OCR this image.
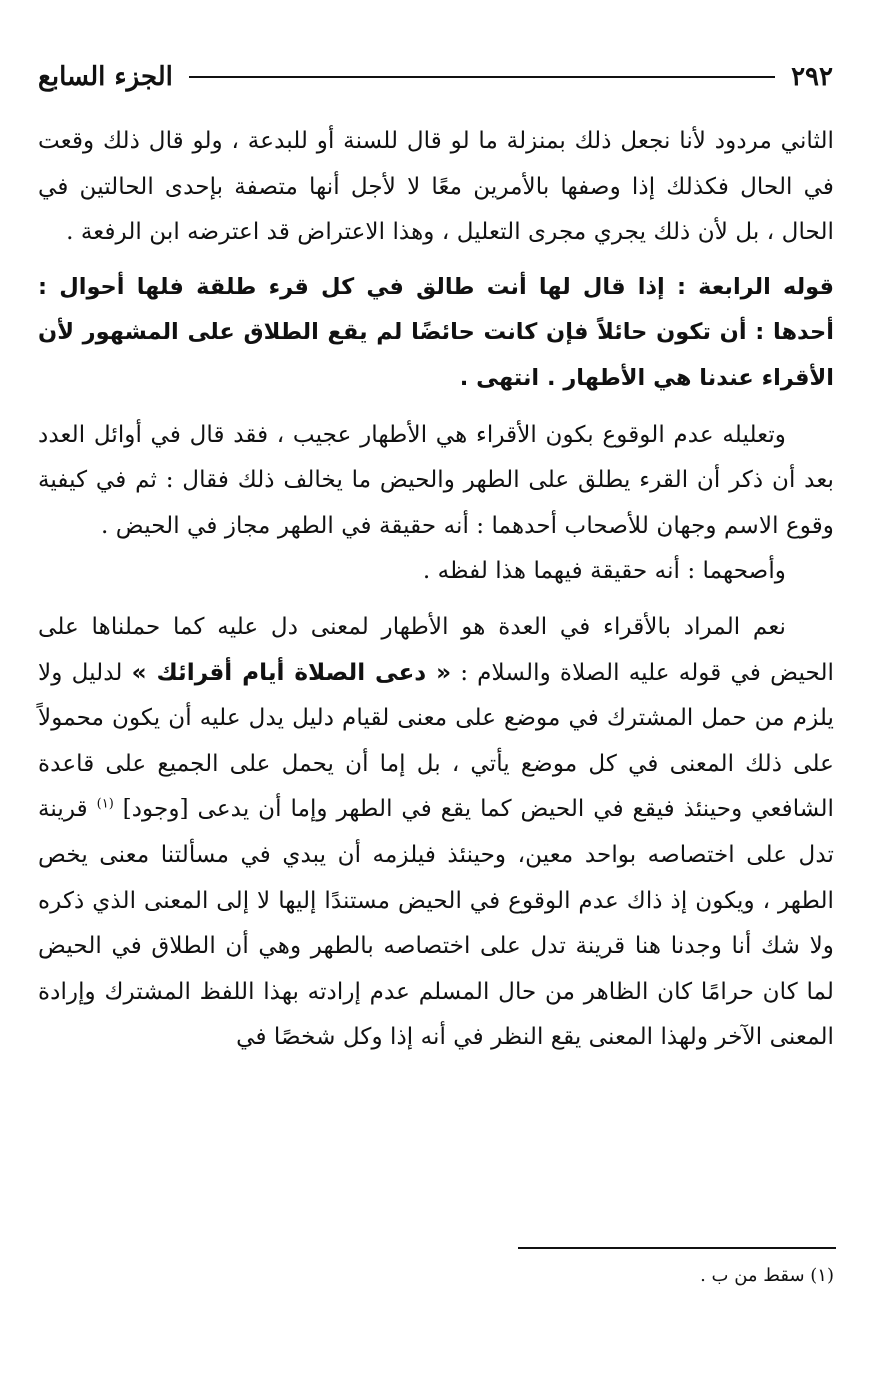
٢٩٢
الجزء السابع

الثاني مردود لأنا نجعل ذلك بمنزلة ما لو قال للسنة أو للبدعة ، ولو قال ذلك وقعت في الحال فكذلك إذا وصفها بالأمرين معًا لا لأجل أنها متصفة بإحدى الحالتين في الحال ، بل لأن ذلك يجري مجرى التعليل ، وهذا الاعتراض قد اعترضه ابن الرفعة .

قوله الرابعة : إذا قال لها أنت طالق في كل قرء طلقة فلها أحوال : أحدها : أن تكون حائلاً فإن كانت حائضًا لم يقع الطلاق على المشهور لأن الأقراء عندنا هي الأطهار . انتهى .

وتعليله عدم الوقوع بكون الأقراء هي الأطهار عجيب ، فقد قال في أوائل العدد بعد أن ذكر أن القرء يطلق على الطهر والحيض ما يخالف ذلك فقال : ثم في كيفية وقوع الاسم وجهان للأصحاب أحدهما : أنه حقيقة في الطهر مجاز في الحيض .

وأصحهما : أنه حقيقة فيهما هذا لفظه .

نعم المراد بالأقراء في العدة هو الأطهار لمعنى دل عليه كما حملناها على الحيض في قوله عليه الصلاة والسلام : « دعى الصلاة أيام أقرائك » لدليل ولا يلزم من حمل المشترك في موضع على معنى لقيام دليل يدل عليه أن يكون محمولاً على ذلك المعنى في كل موضع يأتي ، بل إما أن يحمل على الجميع على قاعدة الشافعي وحينئذ فيقع في الحيض كما يقع في الطهر وإما أن يدعى [وجود] $^{(١)}$ قرينة تدل على اختصاصه بواحد معين، وحينئذ فيلزمه أن يبدي في مسألتنا معنى يخص الطهر ، ويكون إذ ذاك عدم الوقوع في الحيض مستندًا إليها لا إلى المعنى الذي ذكره ولا شك أنا وجدنا هنا قرينة تدل على اختصاصه بالطهر وهي أن الطلاق في الحيض لما كان حرامًا كان الظاهر من حال المسلم عدم إرادته بهذا اللفظ المشترك وإرادة المعنى الآخر ولهذا المعنى يقع النظر في أنه إذا وكل شخصًا في

(١) سقط من ب .
